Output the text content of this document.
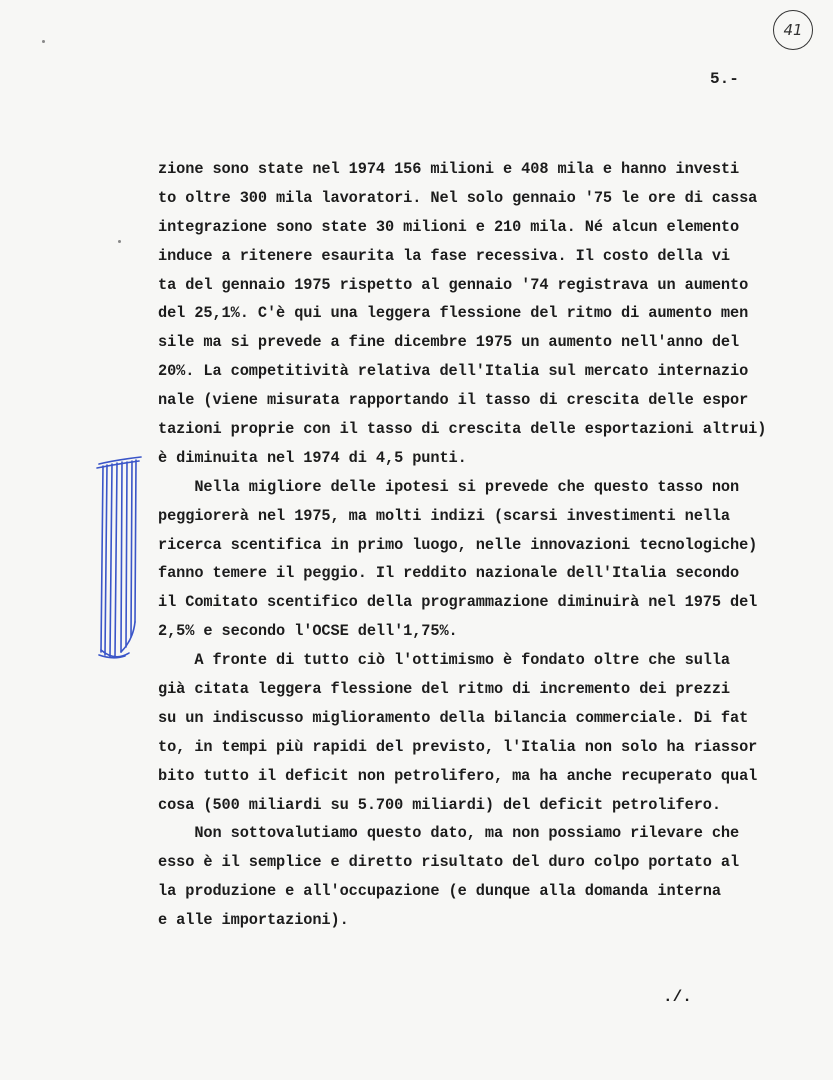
41
5.-
zione sono state nel 1974 156 milioni e 408 mila e hanno investi
to oltre 300 mila lavoratori. Nel solo gennaio '75 le ore di cassa
integrazione sono state 30 milioni e 210 mila. Né alcun elemento
induce a ritenere esaurita la fase recessiva. Il costo della vi
ta del gennaio 1975 rispetto al gennaio '74 registrava un aumento
del 25,1%. C'è qui una leggera flessione del ritmo di aumento men
sile ma si prevede a fine dicembre 1975 un aumento nell'anno del
20%. La competitività relativa dell'Italia sul mercato internazio
nale (viene misurata rapportando il tasso di crescita delle espor
tazioni proprie con il tasso di crescita delle esportazioni altrui)
è diminuita nel 1974 di 4,5 punti.
Nella migliore delle ipotesi si prevede che questo tasso non
peggiorerà nel 1975, ma molti indizi (scarsi investimenti nella
ricerca scentifica in primo luogo, nelle innovazioni tecnologiche)
fanno temere il peggio. Il reddito nazionale dell'Italia secondo
il Comitato scentifico della programmazione diminuirà nel 1975 del
2,5% e secondo l'OCSE dell'1,75%.
A fronte di tutto ciò l'ottimismo è fondato oltre che sulla
già citata leggera flessione del ritmo di incremento dei prezzi
su un indiscusso miglioramento della bilancia commerciale. Di fat
to, in tempi più rapidi del previsto, l'Italia non solo ha riassor
bito tutto il deficit non petrolifero, ma ha anche recuperato qual
cosa (500 miliardi su 5.700 miliardi) del deficit petrolifero.
Non sottovalutiamo questo dato, ma non possiamo rilevare che
esso è il semplice e diretto risultato del duro colpo portato al
la produzione e all'occupazione (e dunque alla domanda interna
e alle importazioni).
./.
